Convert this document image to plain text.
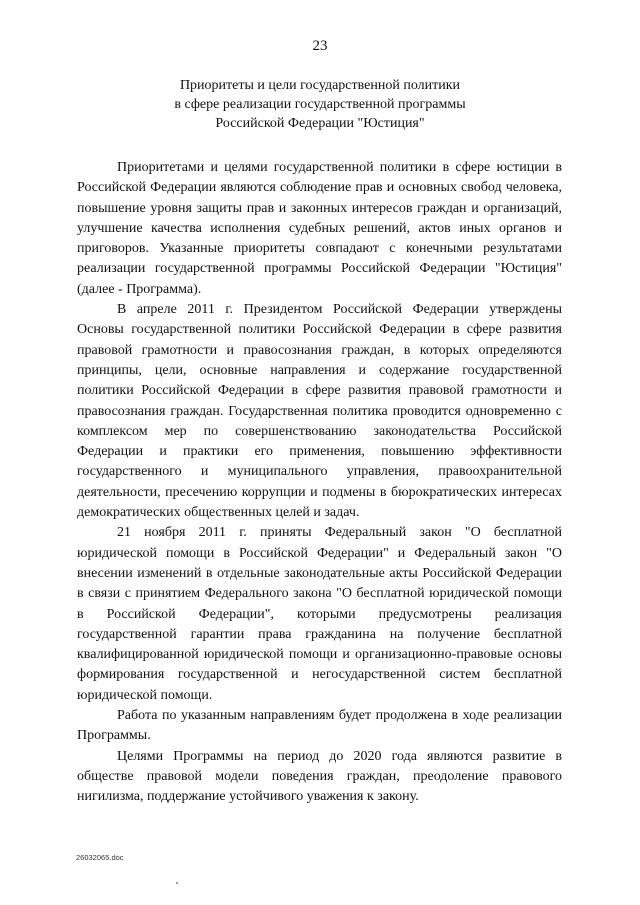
23
Приоритеты и цели государственной политики
в сфере реализации государственной программы
Российской Федерации "Юстиция"

Приоритетами и целями государственной политики в сфере юстиции в Российской Федерации являются соблюдение прав и основных свобод человека, повышение уровня защиты прав и законных интересов граждан и организаций, улучшение качества исполнения судебных решений, актов иных органов и приговоров. Указанные приоритеты совпадают с конечными результатами реализации государственной программы Российской Федерации "Юстиция" (далее - Программа).

В апреле 2011 г. Президентом Российской Федерации утверждены Основы государственной политики Российской Федерации в сфере развития правовой грамотности и правосознания граждан, в которых определяются принципы, цели, основные направления и содержание государственной политики Российской Федерации в сфере развития правовой грамотности и правосознания граждан. Государственная политика проводится одновременно с комплексом мер по совершенствованию законодательства Российской Федерации и практики его применения, повышению эффективности государственного и муниципального управления, правоохранительной деятельности, пресечению коррупции и подмены в бюрократических интересах демократических общественных целей и задач.

21 ноября 2011 г. приняты Федеральный закон "О бесплатной юридической помощи в Российской Федерации" и Федеральный закон "О внесении изменений в отдельные законодательные акты Российской Федерации в связи с принятием Федерального закона "О бесплатной юридической помощи в Российской Федерации", которыми предусмотрены реализация государственной гарантии права гражданина на получение бесплатной квалифицированной юридической помощи и организационно-правовые основы формирования государственной и негосударственной систем бесплатной юридической помощи.

Работа по указанным направлениям будет продолжена в ходе реализации Программы.

Целями Программы на период до 2020 года являются развитие в обществе правовой модели поведения граждан, преодоление правового нигилизма, поддержание устойчивого уважения к закону.

26032065.doc
